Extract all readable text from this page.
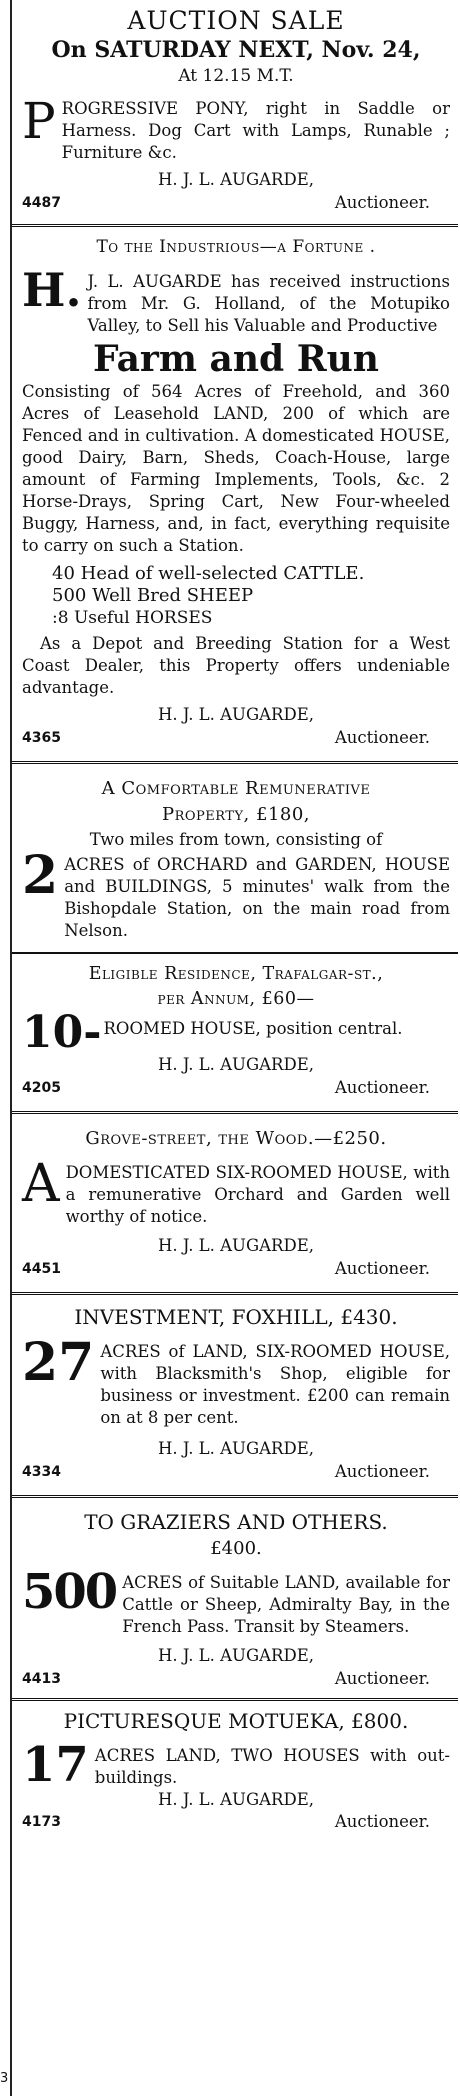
AUCTION SALE

On SATURDAY NEXT, Nov. 24,

At 12.15 M.T.

P ROGRESSIVE PONY, right in Saddle or Harness. Dog Cart with Lamps, Runable ; Furniture &c.

H. J. L. AUGARDE,

4487	Auctioneer.

To the Industrious—a Fortune .

H. J. L. AUGARDE has received instructions from Mr. G. Holland, of the Motupiko Valley, to Sell his Valuable and Productive

Farm and Run

Consisting of 564 Acres of Freehold, and 360 Acres of Leasehold LAND, 200 of which are Fenced and in cultivation. A domesticated HOUSE, good Dairy, Barn, Sheds, Coach-House, large amount of Farming Implements, Tools, &c. 2 Horse-Drays, Spring Cart, New Four-wheeled Buggy, Harness, and, in fact, everything requisite to carry on such a Station.

40 Head of well-selected CATTLE.

500 Well Bred SHEEP

:8 Useful HORSES

As a Depot and Breeding Station for a West Coast Dealer, this Property offers undeniable advantage.

H. J. L. AUGARDE,

4365	Auctioneer.

A Comfortable Remunerative

Property, £180,

Two miles from town, consisting of

2 ACRES of ORCHARD and GARDEN, HOUSE and BUILDINGS, 5 minutes' walk from the Bishopdale Station, on the main road from Nelson.

Eligible Residence, Trafalgar-st.,

per Annum, £60—

10- ROOMED HOUSE, position central.

H. J. L. AUGARDE,

4205	Auctioneer.

Grove-street, the Wood.—£250.

A DOMESTICATED SIX-ROOMED HOUSE, with a remunerative Orchard and Garden well worthy of notice.

H. J. L. AUGARDE,

4451	Auctioneer.

INVESTMENT, FOXHILL, £430.

27 ACRES of LAND, SIX-ROOMED HOUSE, with Blacksmith's Shop, eligible for business or investment. £200 can remain on at 8 per cent.

H. J. L. AUGARDE,

4334	Auctioneer.

TO GRAZIERS AND OTHERS.

£400.

500 ACRES of Suitable LAND, available for Cattle or Sheep, Admiralty Bay, in the French Pass. Transit by Steamers.

H. J. L. AUGARDE,

4413	Auctioneer.

PICTURESQUE MOTUEKA, £800.

17 ACRES LAND, TWO HOUSES with out-buildings.

H. J. L. AUGARDE,

4173	Auctioneer.
3
